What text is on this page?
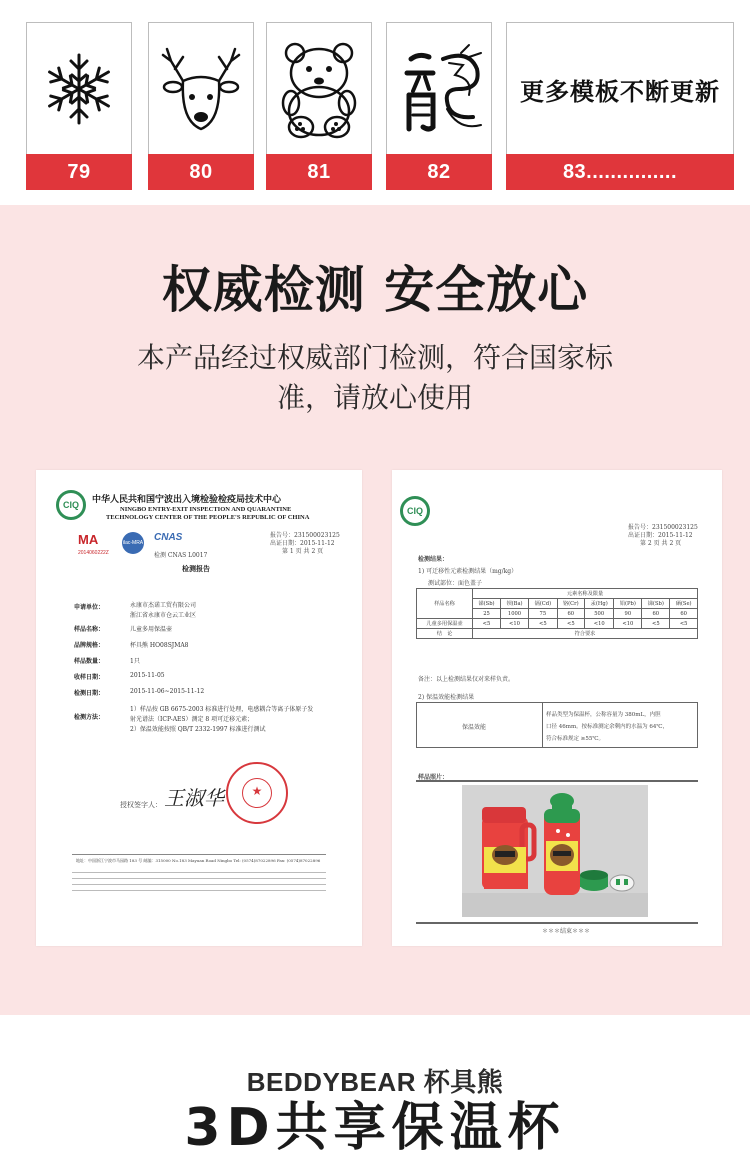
79	80	81	82
更多模板不断更新
83...............
权威检测 安全放心
本产品经过权威部门检测，符合国家标准，请放心使用
CIQ	中华人民共和国宁波出入境检验检疫局技术中心
NINGBO ENTRY-EXIT INSPECTION AND QUARANTINE
TECHNOLOGY CENTER OF THE PEOPLE'S REPUBLIC OF CHINA
MA
2014060222Z
ilac-MRA CNAS
检测 CNAS L0017
报告号：231500023125
出证日期：2015-11-12
第 1 页 共 2 页
检测报告
申请单位：	永康市杰诺工贸有限公司
浙江省永康市仓云工业区
样品名称：	儿童多用保温壶
品牌规格：	杯具熊 HO08SJMA8
样品数量：	1只
收样日期：	2015-11-05
检测日期：	2015-11-06~2015-11-12
检测方法：
1）样品按 GB 6675-2003 标准进行处理，电感耦合等离子体原子发
射光谱法（ICP-AES）测定 8 项可迁移元素；
2）保温效能按照 QB/T 2332-1997 标准进行测试
授权签字人： 王淑华	★
地址：中国浙江宁波市马园路 183 号 邮编：315000 No.183 Mayuan Road Ningbo Tel: (0574)87022896 Fax: (0574)87022896
CIQ
报告号：231500023125
出证日期：2015-11-12
第 2 页 共 2 页
检测结果：
1) 可迁移性元素检测结果（mg/kg）
测试部位：面色盖子
样品名称	元素名称及限量							
	锑(Sb)	钡(Ba)	镉(Cd)	铬(Cr)	汞(Hg)	铅(Pb)	锑(Sb)	硒(Se)
	25	1000	75	60	500	90	60	60
儿童多用保温壶	<5	<10	<5	<5	<10	<10	<5	<5
结　论	符合要求							
备注：以上检测结果仅对来样负责。
2) 保温效能检测结果
保温效能
样品类型为保温杯，公称容量为 380mL，内胆
口径 46mm。按标准测定余剩内的水温为 64℃，
符合标准规定 ≥55℃。
样品照片：
＊＊＊结束＊＊＊
BEDDYBEAR 杯具熊
3D共享保温杯
